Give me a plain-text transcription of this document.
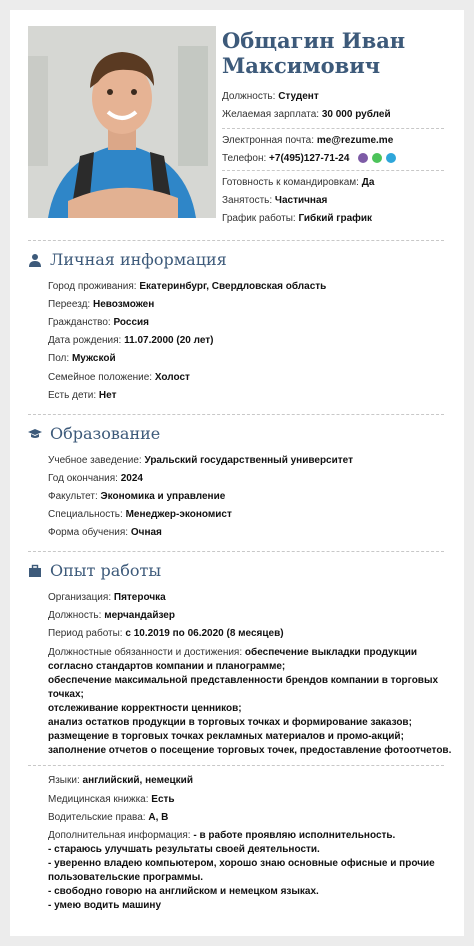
Общагин Иван
Максимович
Должность: Студент
Желаемая зарплата: 30 000 рублей
Электронная почта: me@rezume.me
Телефон: +7(495)127-71-24
Готовность к командировкам: Да
Занятость: Частичная
График работы: Гибкий график
Личная информация
Город проживания: Екатеринбург, Свердловская область
Переезд: Невозможен
Гражданство: Россия
Дата рождения: 11.07.2000 (20 лет)
Пол: Мужской
Семейное положение: Холост
Есть дети: Нет
Образование
Учебное заведение: Уральский государственный университет
Год окончания: 2024
Факультет: Экономика и управление
Специальность: Менеджер-экономист
Форма обучения: Очная
Опыт работы
Организация: Пятерочка
Должность: мерчандайзер
Период работы: с 10.2019 по 06.2020 (8 месяцев)
Должностные обязанности и достижения: обеспечение выкладки продукции
согласно стандартов компании и планограмме;
обеспечение максимальной представленности брендов компании в торговых
точках;
отслеживание корректности ценников;
анализ остатков продукции в торговых точках и формирование заказов;
размещение в торговых точках рекламных материалов и промо-акций;
заполнение отчетов о посещение торговых точек, предоставление фотоотчетов.
Языки: английский, немецкий
Медицинская книжка: Есть
Водительские права: A, B
Дополнительная информация: - в работе проявляю исполнительность.
- стараюсь улучшать результаты своей деятельности.
- уверенно владею компьютером, хорошо знаю основные офисные и прочие
пользовательские программы.
- свободно говорю на английском и немецком языках.
- умею водить машину
